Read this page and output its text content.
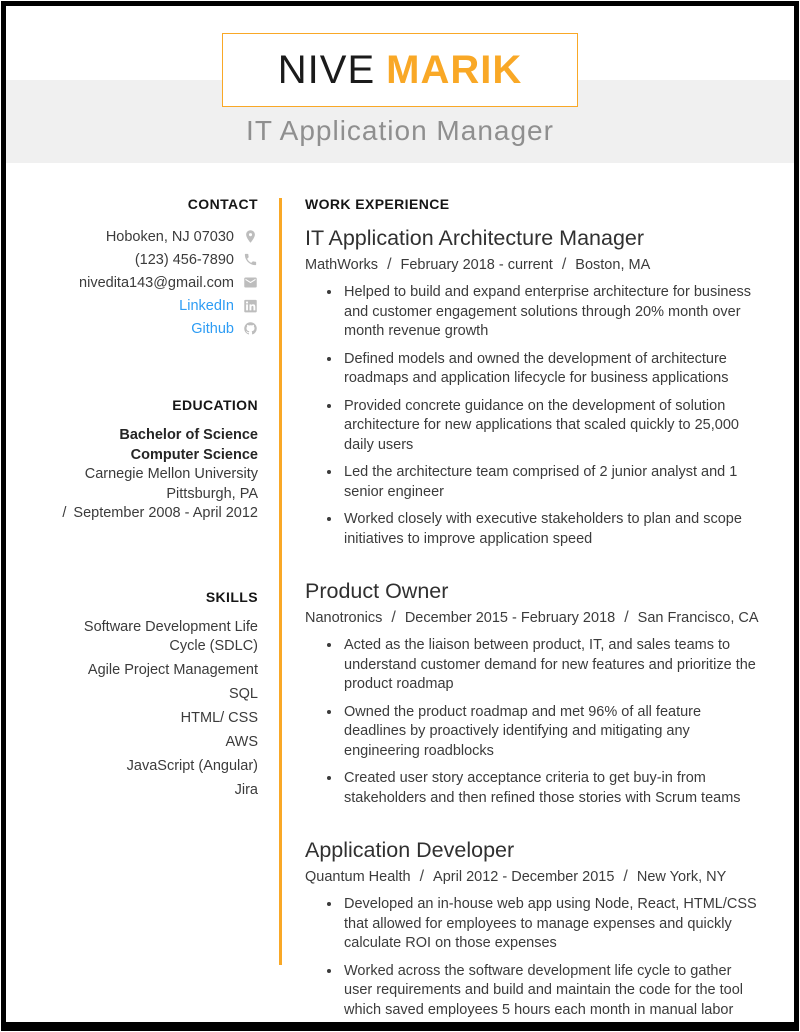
NIVE MARIK
IT Application Manager
CONTACT
Hoboken, NJ 07030
(123) 456-7890
nivedita143@gmail.com
LinkedIn
Github
EDUCATION
Bachelor of Science
Computer Science
Carnegie Mellon University
Pittsburgh, PA
/ September 2008 - April 2012
SKILLS
Software Development Life Cycle (SDLC)
Agile Project Management
SQL
HTML/ CSS
AWS
JavaScript (Angular)
Jira
WORK EXPERIENCE
IT Application Architecture Manager
MathWorks / February 2018 - current / Boston, MA
• Helped to build and expand enterprise architecture for business and customer engagement solutions through 20% month over month revenue growth
• Defined models and owned the development of architecture roadmaps and application lifecycle for business applications
• Provided concrete guidance on the development of solution architecture for new applications that scaled quickly to 25,000 daily users
• Led the architecture team comprised of 2 junior analyst and 1 senior engineer
• Worked closely with executive stakeholders to plan and scope initiatives to improve application speed
Product Owner
Nanotronics / December 2015 - February 2018 / San Francisco, CA
• Acted as the liaison between product, IT, and sales teams to understand customer demand for new features and prioritize the product roadmap
• Owned the product roadmap and met 96% of all feature deadlines by proactively identifying and mitigating any engineering roadblocks
• Created user story acceptance criteria to get buy-in from stakeholders and then refined those stories with Scrum teams
Application Developer
Quantum Health / April 2012 - December 2015 / New York, NY
• Developed an in-house web app using Node, React, HTML/CSS that allowed for employees to manage expenses and quickly calculate ROI on those expenses
• Worked across the software development life cycle to gather user requirements and build and maintain the code for the tool which saved employees 5 hours each month in manual labor
